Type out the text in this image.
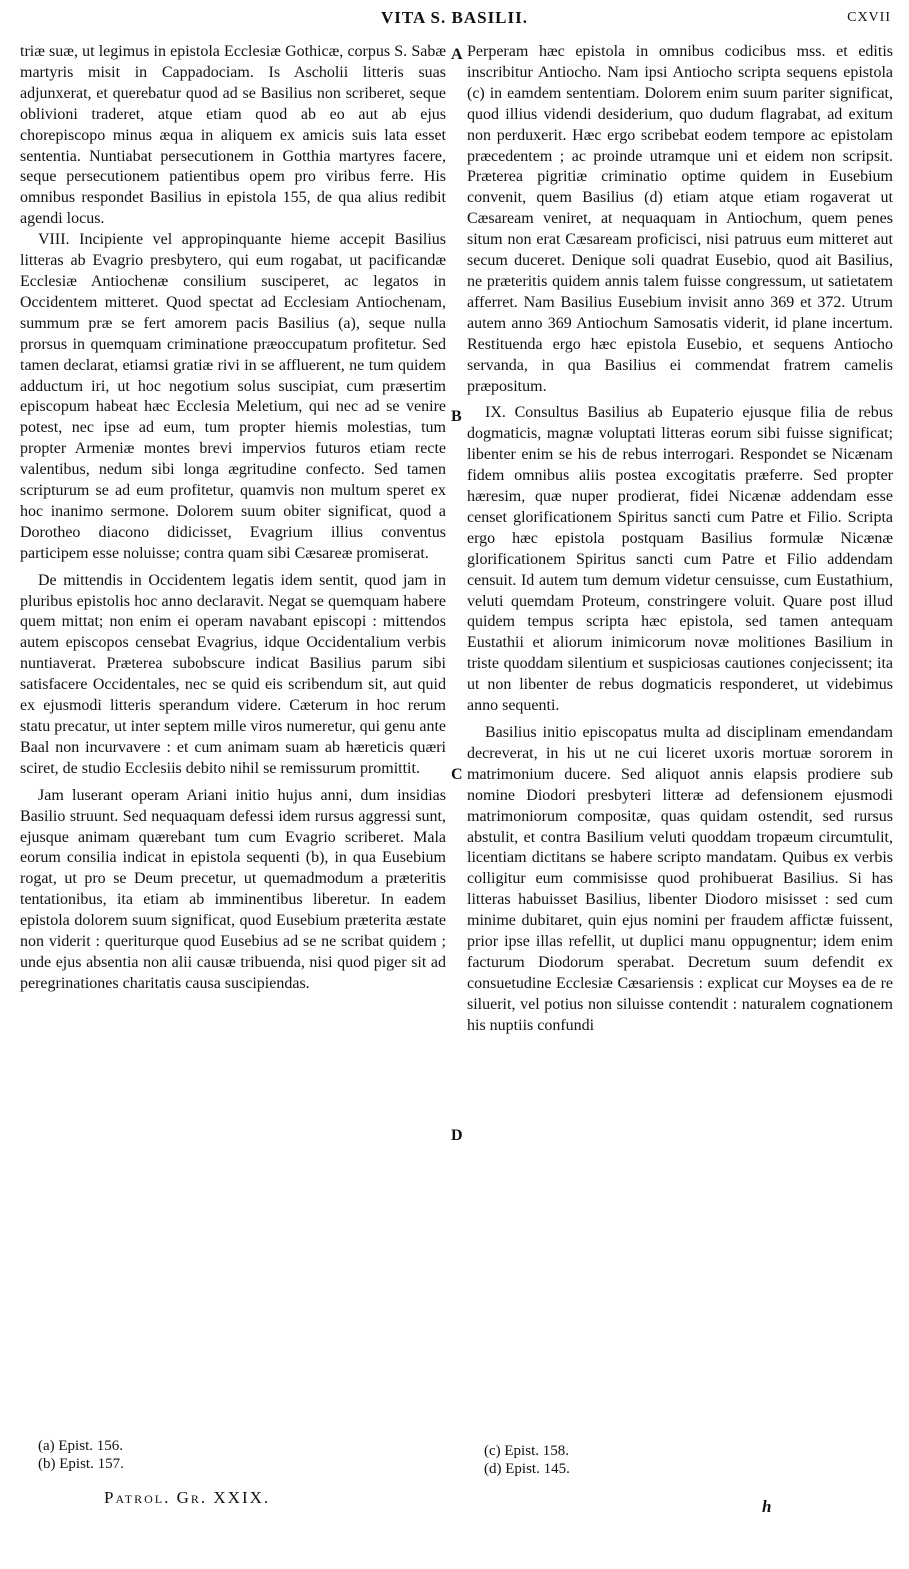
VITA S. BASILII.	CXVII

triæ suæ, ut legimus in epistola Ecclesiæ Gothicæ, corpus S. Sabæ martyris misit in Cappadociam. Is Ascholii litteris suas adjunxerat, et querebatur quod ad se Basilius non scriberet, seque oblivioni traderet, atque etiam quod ab eo aut ab ejus chorepiscopo minus æqua in aliquem ex amicis suis lata esset sententia. Nuntiabat persecutionem in Gotthia martyres facere, seque persecutionem patientibus opem pro viribus ferre. His omnibus respondet Basilius in epistola 155, de qua alius redibit agendi locus.

VIII. Incipiente vel appropinquante hieme accepit Basilius litteras ab Evagrio presbytero, qui eum rogabat, ut pacificandæ Ecclesiæ Antiochenæ consilium susciperet, ac legatos in Occidentem mitteret. Quod spectat ad Ecclesiam Antiochenam, summum præ se fert amorem pacis Basilius (a), seque nulla prorsus in quemquam criminatione præoccupatum profitetur. Sed tamen declarat, etiamsi gratiæ rivi in se affluerent, ne tum quidem adductum iri, ut hoc negotium solus suscipiat, cum præsertim episcopum habeat hæc Ecclesia Meletium, qui nec ad se venire potest, nec ipse ad eum, tum propter hiemis molestias, tum propter Armeniæ montes brevi impervios futuros etiam recte valentibus, nedum sibi longa ægritudine confecto. Sed tamen scripturum se ad eum profitetur, quamvis non multum speret ex hoc inanimo sermone. Dolorem suum obiter significat, quod a Dorotheo diacono didicisset, Evagrium illius conventus participem esse noluisse; contra quam sibi Cæsareæ promiserat.

De mittendis in Occidentem legatis idem sentit, quod jam in pluribus epistolis hoc anno declaravit. Negat se quemquam habere quem mittat; non enim ei operam navabant episcopi : mittendos autem episcopos censebat Evagrius, idque Occidentalium verbis nuntiaverat. Præterea subobscure indicat Basilius parum sibi satisfacere Occidentales, nec se quid eis scribendum sit, aut quid ex ejusmodi litteris sperandum videre. Cæterum in hoc rerum statu precatur, ut inter septem mille viros numeretur, qui genu ante Baal non incurvavere : et cum animam suam ab hæreticis quæri sciret, de studio Ecclesiis debito nihil se remissurum promittit.

Jam luserant operam Ariani initio hujus anni, dum insidias Basilio struunt. Sed nequaquam defessi idem rursus aggressi sunt, ejusque animam quærebant tum cum Evagrio scriberet. Mala eorum consilia indicat in epistola sequenti (b), in qua Eusebium rogat, ut pro se Deum precetur, ut quemadmodum a præteritis tentationibus, ita etiam ab imminentibus liberetur. In eadem epistola dolorem suum significat, quod Eusebium præterita æstate non viderit : queriturque quod Eusebius ad se ne scribat quidem ; unde ejus absentia non alii causæ tribuenda, nisi quod piger sit ad peregrinationes charitatis causa suscipiendas.

Perperam hæc epistola in omnibus codicibus mss. et editis inscribitur Antiocho. Nam ipsi Antiocho scripta sequens epistola (c) in eamdem sententiam. Dolorem enim suum pariter significat, quod illius videndi desiderium, quo dudum flagrabat, ad exitum non perduxerit. Hæc ergo scribebat eodem tempore ac epistolam præcedentem ; ac proinde utramque uni et eidem non scripsit. Præterea pigritiæ criminatio optime quidem in Eusebium convenit, quem Basilius (d) etiam atque etiam rogaverat ut Cæsaream veniret, at nequaquam in Antiochum, quem penes situm non erat Cæsaream proficisci, nisi patruus eum mitteret aut secum duceret. Denique soli quadrat Eusebio, quod ait Basilius, ne præteritis quidem annis talem fuisse congressum, ut satietatem afferret. Nam Basilius Eusebium invisit anno 369 et 372. Utrum autem anno 369 Antiochum Samosatis viderit, id plane incertum. Restituenda ergo hæc epistola Eusebio, et sequens Antiocho servanda, in qua Basilius ei commendat fratrem camelis præpositum.

IX. Consultus Basilius ab Eupaterio ejusque filia de rebus dogmaticis, magnæ voluptati litteras eorum sibi fuisse significat; libenter enim se his de rebus interrogari. Respondet se Nicænam fidem omnibus aliis postea excogitatis præferre. Sed propter hæresim, quæ nuper prodierat, fidei Nicænæ addendam esse censet glorificationem Spiritus sancti cum Patre et Filio. Scripta ergo hæc epistola postquam Basilius formulæ Nicænæ glorificationem Spiritus sancti cum Patre et Filio addendam censuit. Id autem tum demum videtur censuisse, cum Eustathium, veluti quemdam Proteum, constringere voluit. Quare post illud quidem tempus scripta hæc epistola, sed tamen antequam Eustathii et aliorum inimicorum novæ molitiones Basilium in triste quoddam silentium et suspiciosas cautiones conjecissent; ita ut non libenter de rebus dogmaticis responderet, ut videbimus anno sequenti.

Basilius initio episcopatus multa ad disciplinam emendandam decreverat, in his ut ne cui liceret uxoris mortuæ sororem in matrimonium ducere. Sed aliquot annis elapsis prodiere sub nomine Diodori presbyteri litteræ ad defensionem ejusmodi matrimoniorum compositæ, quas quidam ostendit, sed rursus abstulit, et contra Basilium veluti quoddam tropæum circumtulit, licentiam dictitans se habere scripto mandatam. Quibus ex verbis colligitur eum commisisse quod prohibuerat Basilius. Si has litteras habuisset Basilius, libenter Diodoro misisset : sed cum minime dubitaret, quin ejus nomini per fraudem affictæ fuissent, prior ipse illas refellit, ut duplici manu oppugnentur; idem enim facturum Diodorum sperabat. Decretum suum defendit ex consuetudine Ecclesiæ Cæsariensis : explicat cur Moyses ea de re siluerit, vel potius non siluisse contendit : naturalem cognationem his nuptiis confundi

A
B
C
D
(a) Epist. 156.
(b) Epist. 157.
(c) Epist. 158.
(d) Epist. 145.
Patrol. Gr. XXIX.	h
